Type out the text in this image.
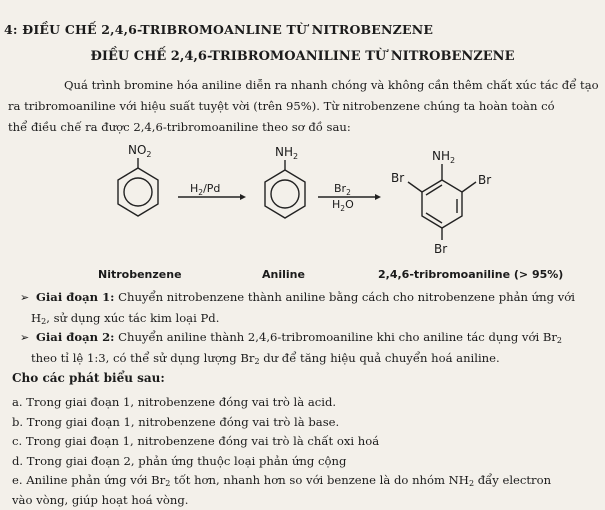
4: ĐIỀU CHẾ 2,4,6-TRIBROMOANLINE TỪ NITROBENZENE
ĐIỀU CHẾ 2,4,6-TRIBROMOANILINE TỪ NITROBENZENE
Quá trình bromine hóa aniline diễn ra nhanh chóng và không cần thêm chất xúc tác để tạo
ra tribromoaniline với hiệu suất tuyệt vời (trên 95%). Từ nitrobenzene chúng ta hoàn toàn có
thể điều chế ra được 2,4,6-tribromoaniline theo sơ đồ sau:
$NO_2$	$NH_2$	$NH_2$
Br	Br
Br
$H_2/Pd$	$Br_2$
$H_2O$
Nitrobenzene	Aniline	2,4,6-tribromoaniline (> 95%)
➢ Giai đoạn 1: Chuyển nitrobenzene thành aniline bằng cách cho nitrobenzene phản ứng với
$H_2$, sử dụng xúc tác kim loại Pd.
➢ Giai đoạn 2: Chuyển aniline thành 2,4,6-tribromoaniline khi cho aniline tác dụng với $Br_2$
theo tỉ lệ 1:3, có thể sử dụng lượng $Br_2$ dư để tăng hiệu quả chuyển hoá aniline.
Cho các phát biểu sau:
a. Trong giai đoạn 1, nitrobenzene đóng vai trò là acid.
b. Trong giai đoạn 1, nitrobenzene đóng vai trò là base.
c. Trong giai đoạn 1, nitrobenzene đóng vai trò là chất oxi hoá
d. Trong giai đoạn 2, phản ứng thuộc loại phản ứng cộng
e. Aniline phản ứng với $Br_2$ tốt hơn, nhanh hơn so với benzene là do nhóm $NH_2$ đẩy electron
vào vòng, giúp hoạt hoá vòng.
